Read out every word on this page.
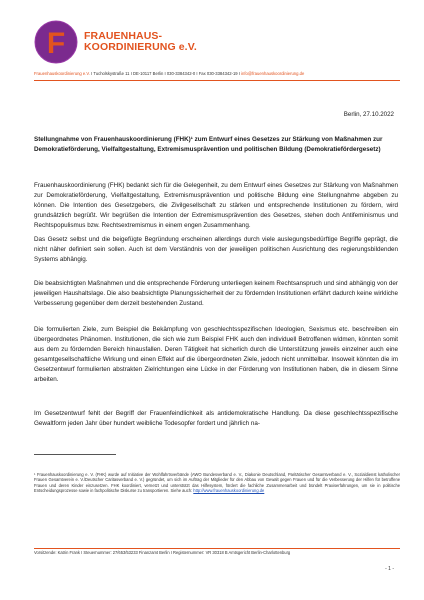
F FRAUENHAUS-
KOORDINIERUNG e.V.
Frauenhauskoordinierung e.V. I Tucholskystraße 11 I DE-10117 Berlin I 030-3384342-0 I Fax 030-3384342-19 I info@frauenhauskoordinierung.de
Berlin, 27.10.2022
Stellungnahme von Frauenhauskoordinierung (FHK)¹ zum Entwurf eines Gesetzes zur Stärkung von Maßnahmen zur Demokratieförderung, Vielfaltgestaltung, Extremismusprävention und politischen Bildung (Demokratiefördergesetz)
Frauenhauskoordinierung (FHK) bedankt sich für die Gelegenheit, zu dem Entwurf eines Gesetzes zur Stärkung von Maßnahmen zur Demokratieförderung, Vielfaltgestaltung, Extremismusprävention und politische Bildung eine Stellungnahme abgeben zu können. Die Intention des Gesetzgebers, die Zivilgesellschaft zu stärken und entsprechende Institutionen zu fördern, wird grundsätzlich begrüßt. Wir begrüßen die Intention der Extremismusprävention des Gesetzes, stehen doch Antifeminismus und Rechtspopulismus bzw. Rechtsextremismus in einem engen Zusammenhang.
Das Gesetz selbst und die beigefügte Begründung erscheinen allerdings durch viele auslegungsbedürftige Begriffe geprägt, die nicht näher definiert sein sollen. Auch ist dem Verständnis von der jeweiligen politischen Ausrichtung des regierungsbildenden Systems abhängig.
Die beabsichtigten Maßnahmen und die entsprechende Förderung unterliegen keinem Rechtsanspruch und sind abhängig von der jeweiligen Haushaltslage. Die also beabsichtigte Planungssicherheit der zu fördernden Institutionen erfährt dadurch keine wirkliche Verbesserung gegenüber dem derzeit bestehenden Zustand.
Die formulierten Ziele, zum Beispiel die Bekämpfung von geschlechtsspezifischen Ideologien, Sexismus etc. beschreiben ein übergeordnetes Phänomen. Institutionen, die sich wie zum Beispiel FHK auch den individuell Betroffenen widmen, könnten somit aus dem zu fördernden Bereich hinausfallen. Deren Tätigkeit hat sicherlich durch die Unterstützung jeweils einzelner auch eine gesamtgesellschaftliche Wirkung und einen Effekt auf die übergeordneten Ziele, jedoch nicht unmittelbar. Insoweit könnten die im Gesetzentwurf formulierten abstrakten Zielrichtungen eine Lücke in der Förderung von Institutionen haben, die in diesem Sinne arbeiten.
Im Gesetzentwurf fehlt der Begriff der Frauenfeindlichkeit als antidemokratische Handlung. Da diese geschlechtsspezifische Gewaltform jeden Jahr über hundert weibliche Todesopfer fordert und jährlich na-
¹ Frauenhauskoordinierung e. V. (FHK) wurde auf Initiative der Wohlfahrtsverbände (AWO Bundesverband e. V., Diakonie Deutschland, Paritätischer Gesamtverband e. V., Sozialdienst katholischer Frauen Gesamtverein e. V./Deutscher Caritasverband e. V.) gegründet, um sich im Auftrag der Mitglieder für den Abbau von Gewalt gegen Frauen und für die Verbesserung der Hilfen für betroffene Frauen und deren Kinder einzusetzen. FHK koordiniert, vernetzt und unterstützt das Hilfesystem, fördert die fachliche Zusammenarbeit und bündelt Praxiserfahrungen, um sie in politische Entscheidungsprozesse sowie in fachpolitische Diskurse zu transportieren. Siehe auch: http://www.frauenhauskoordinierung.de
Vorsitzende: Katrin Frank I Steuernummer: 27/653/53233 Finanzamt Berlin I Registernummer: VR 30318 B Amtsgericht Berlin-Charlottenburg
- 1 -
